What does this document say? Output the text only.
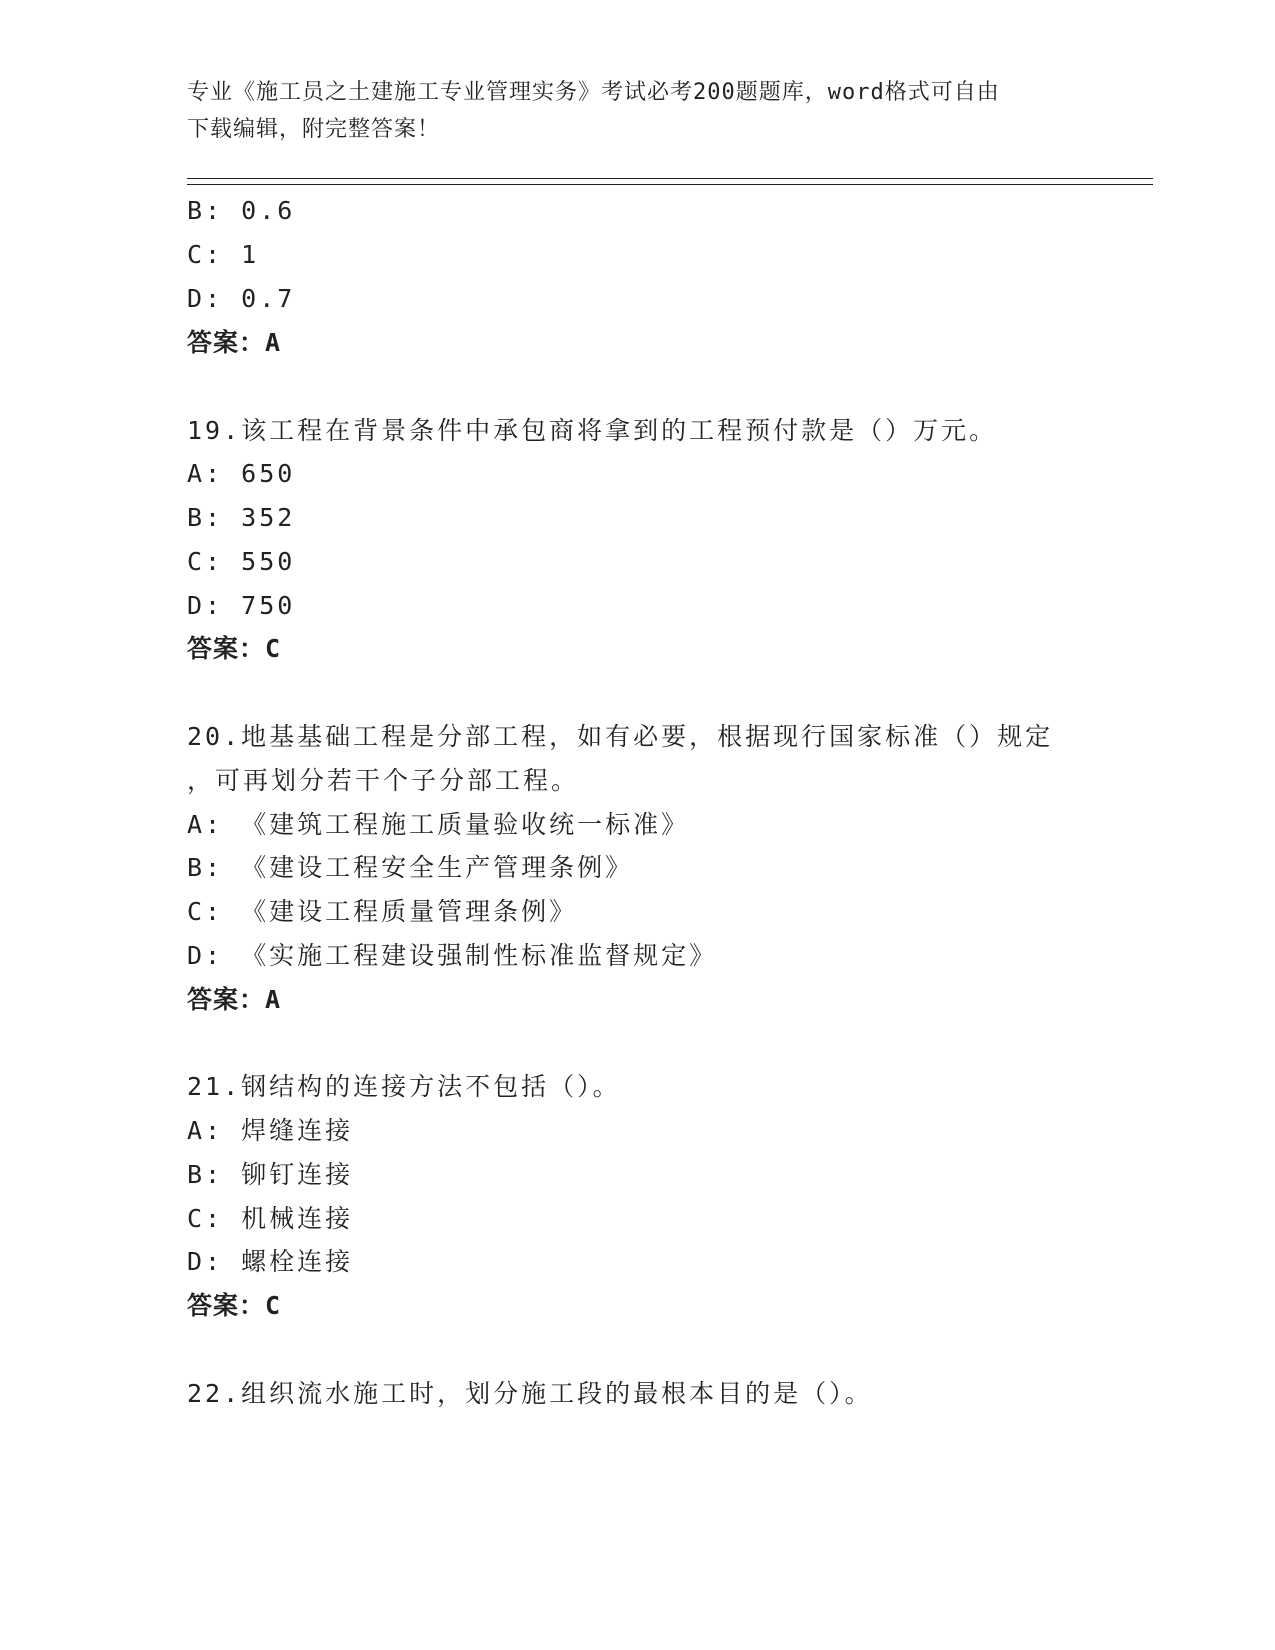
专业《施工员之土建施工专业管理实务》考试必考200题题库，word格式可自由
下载编辑，附完整答案！
B: 0.6
C: 1
D: 0.7
答案：A
19.该工程在背景条件中承包商将拿到的工程预付款是（）万元。
A: 650
B: 352
C: 550
D: 750
答案：C
20.地基基础工程是分部工程，如有必要，根据现行国家标准（）规定
，可再划分若干个子分部工程。
A: 《建筑工程施工质量验收统一标准》
B: 《建设工程安全生产管理条例》
C: 《建设工程质量管理条例》
D: 《实施工程建设强制性标准监督规定》
答案：A
21.钢结构的连接方法不包括（）。
A: 焊缝连接
B: 铆钉连接
C: 机械连接
D: 螺栓连接
答案：C
22.组织流水施工时，划分施工段的最根本目的是（）。
